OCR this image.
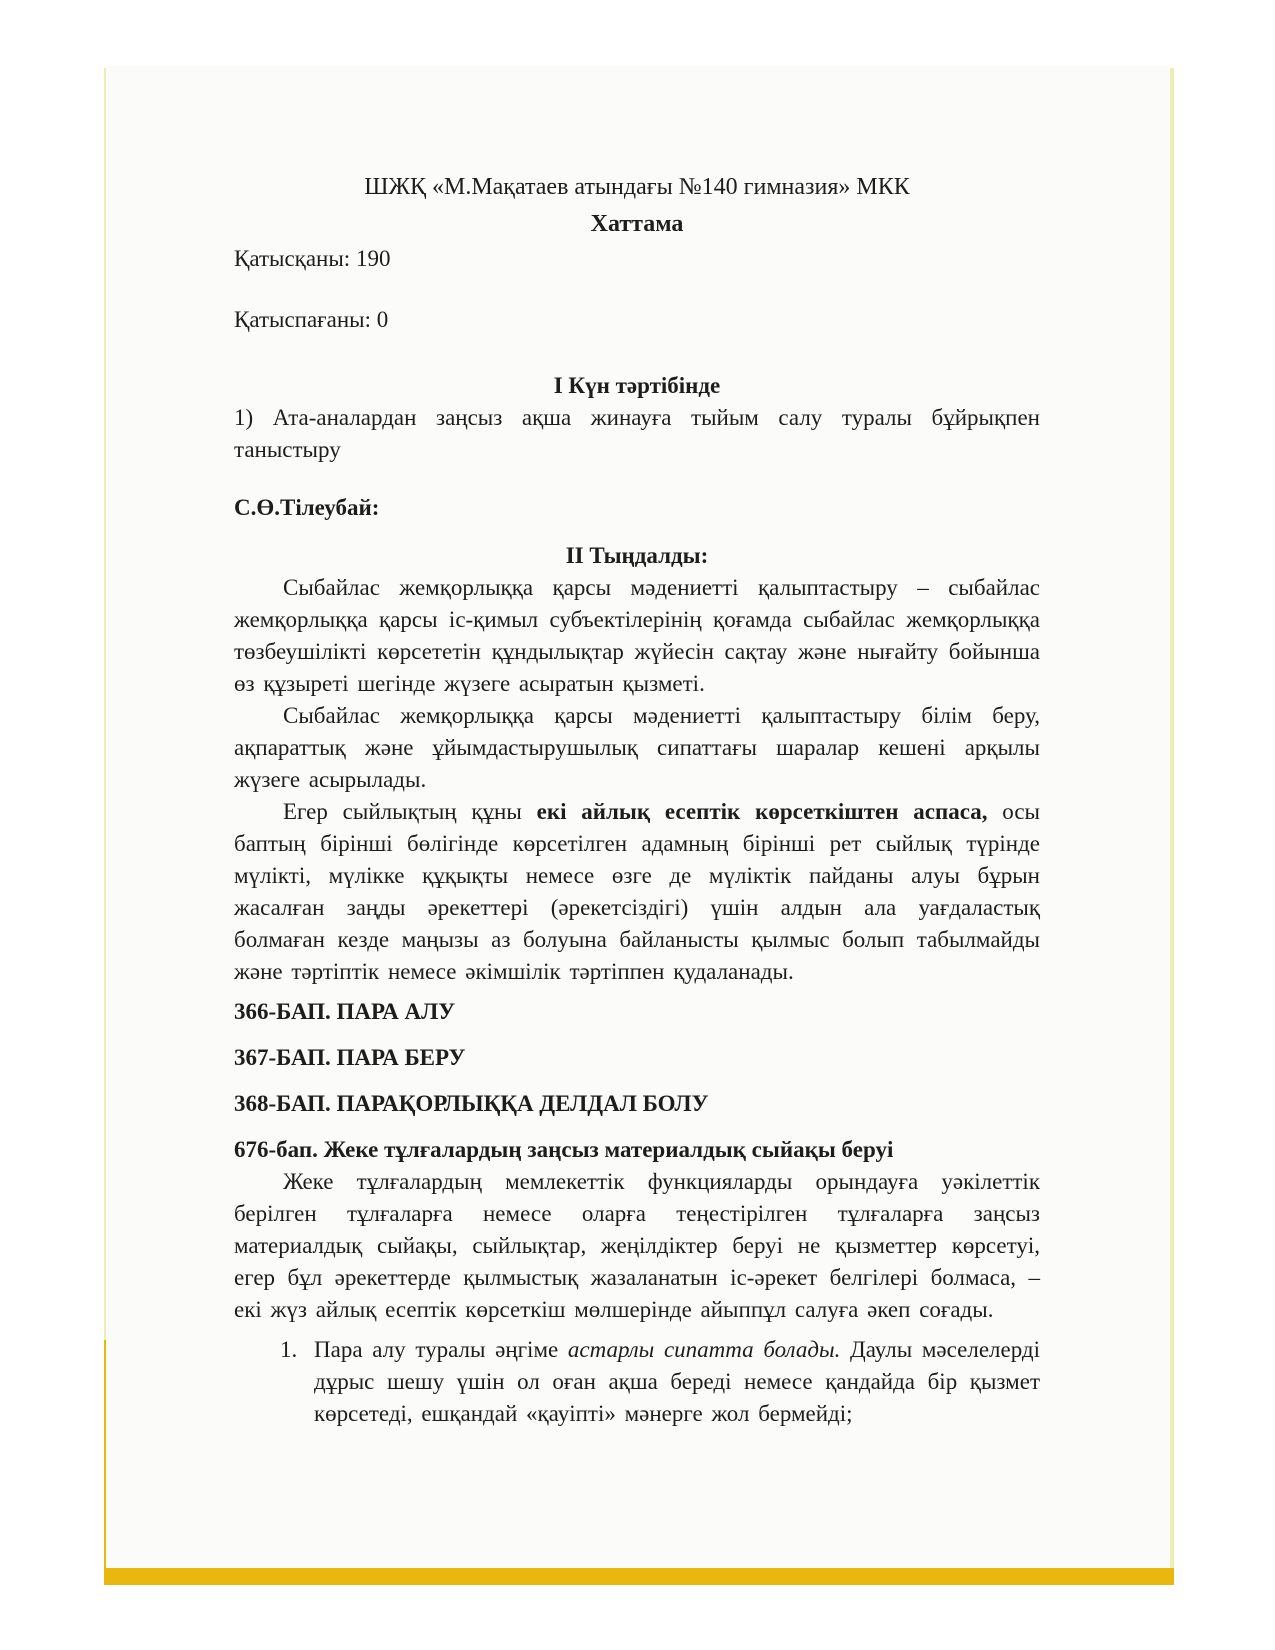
ШЖҚ «М.Мақатаев атындағы №140 гимназия» МКК
Хаттама
Қатысқаны: 190
Қатыспағаны: 0
I Күн тәртібінде

1) Ата-аналардан заңсыз ақша жинауға тыйым салу туралы бұйрықпен таныстыру

С.Ө.Тілеубай:
II Тыңдалды:

Сыбайлас жемқорлыққа қарсы мәдениетті қалыптастыру – сыбайлас жемқорлыққа қарсы іс-қимыл субъектілерінің қоғамда сыбайлас жемқорлыққа төзбеушілікті көрсететін құндылықтар жүйесін сақтау және нығайту бойынша өз құзыреті шегінде жүзеге асыратын қызметі.

Сыбайлас жемқорлыққа қарсы мәдениетті қалыптастыру білім беру, ақпараттық және ұйымдастырушылық сипаттағы шаралар кешені арқылы жүзеге асырылады.

Егер сыйлықтың құны екі айлық есептік көрсеткіштен аспаса, осы баптың бірінші бөлігінде көрсетілген адамның бірінші рет сыйлық түрінде мүлікті, мүлікке құқықты немесе өзге де мүліктік пайданы алуы бұрын жасалған заңды әрекеттері (әрекетсіздігі) үшін алдын ала уағдаластық болмаған кезде маңызы аз болуына байланысты қылмыс болып табылмайды және тәртіптік немесе әкімшілік тәртіппен қудаланады.

366-БАП. ПАРА АЛУ
367-БАП. ПАРА БЕРУ
368-БАП. ПАРАҚОРЛЫҚҚА ДЕЛДАЛ БОЛУ
676-бап. Жеке тұлғалардың заңсыз материалдық сыйақы беруі

Жеке тұлғалардың мемлекеттік функцияларды орындауға уәкілеттік берілген тұлғаларға немесе оларға теңестірілген тұлғаларға заңсыз материалдық сыйақы, сыйлықтар, жеңілдіктер беруі не қызметтер көрсетуі, егер бұл әрекеттерде қылмыстық жазаланатын іс-әрекет белгілері болмаса, – екі жүз айлық есептік көрсеткіш мөлшерінде айыппұл салуға әкеп соғады.

1. Пара алу туралы әңгіме астарлы сипатта болады. Даулы мәселелерді дұрыс шешу үшін ол оған ақша береді немесе қандайда бір қызмет көрсетеді, ешқандай «қауіпті» мәнерге жол бермейді;
